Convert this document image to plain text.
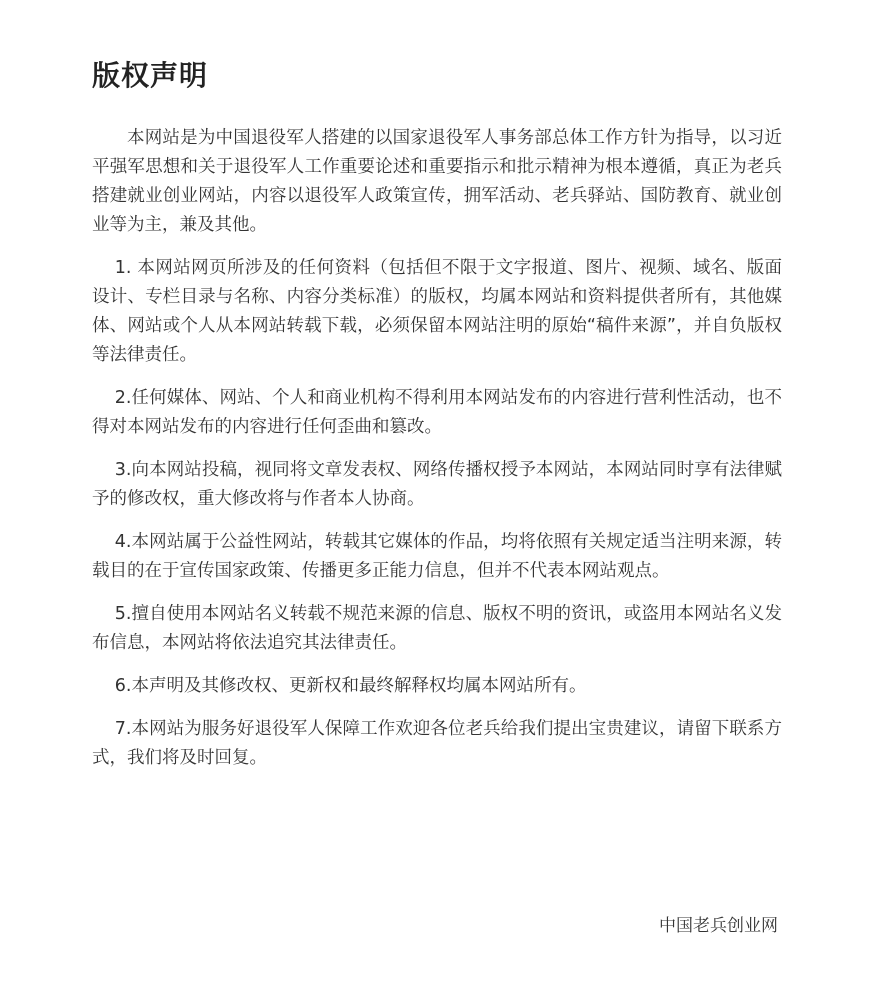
版权声明

本网站是为中国退役军人搭建的以国家退役军人事务部总体工作方针为指导，以习近平强军思想和关于退役军人工作重要论述和重要指示和批示精神为根本遵循，真正为老兵搭建就业创业网站，内容以退役军人政策宣传，拥军活动、老兵驿站、国防教育、就业创业等为主，兼及其他。

1. 本网站网页所涉及的任何资料（包括但不限于文字报道、图片、视频、域名、版面设计、专栏目录与名称、内容分类标准）的版权，均属本网站和资料提供者所有，其他媒体、网站或个人从本网站转载下载，必须保留本网站注明的原始“稿件来源”，并自负版权等法律责任。

2.任何媒体、网站、个人和商业机构不得利用本网站发布的内容进行营利性活动，也不得对本网站发布的内容进行任何歪曲和篡改。

3.向本网站投稿，视同将文章发表权、网络传播权授予本网站，本网站同时享有法律赋予的修改权，重大修改将与作者本人协商。

4.本网站属于公益性网站，转载其它媒体的作品，均将依照有关规定适当注明来源，转载目的在于宣传国家政策、传播更多正能力信息，但并不代表本网站观点。

5.擅自使用本网站名义转载不规范来源的信息、版权不明的资讯，或盗用本网站名义发布信息，本网站将依法追究其法律责任。

6.本声明及其修改权、更新权和最终解释权均属本网站所有。

7.本网站为服务好退役军人保障工作欢迎各位老兵给我们提出宝贵建议，请留下联系方式，我们将及时回复。

中国老兵创业网
